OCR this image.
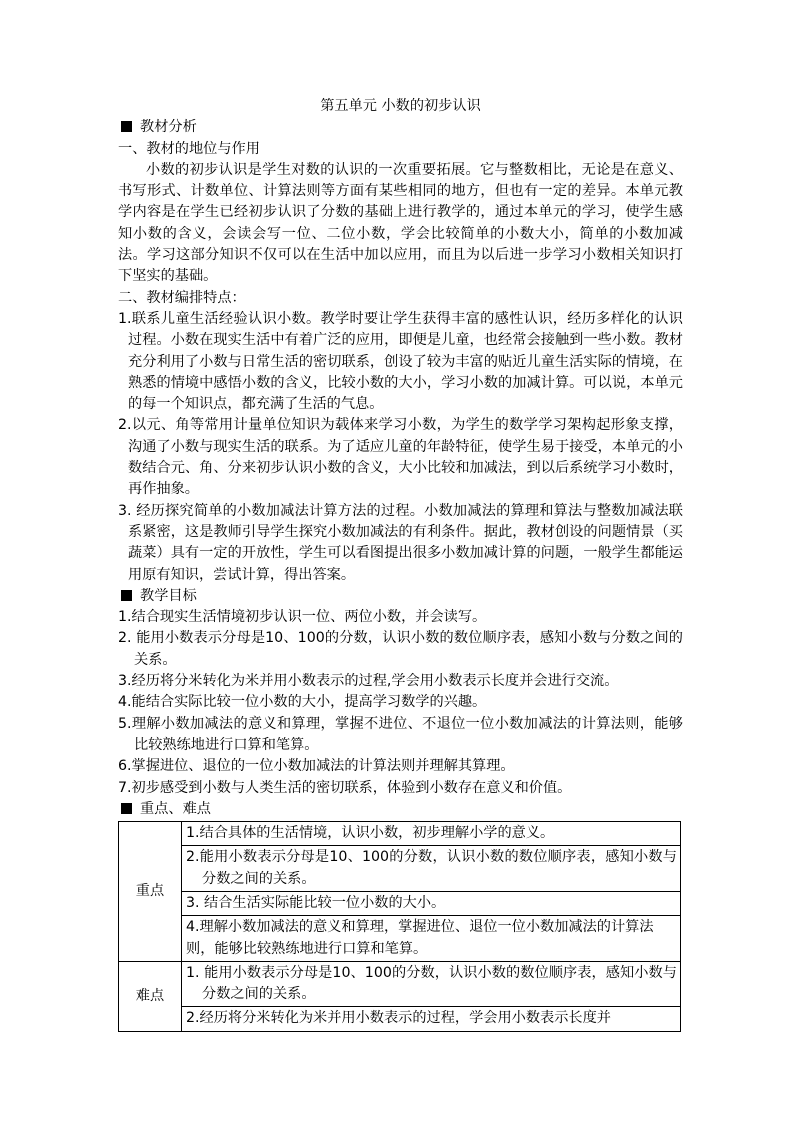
第五单元 小数的初步认识

教材分析

一、教材的地位与作用

小数的初步认识是学生对数的认识的一次重要拓展。它与整数相比，无论是在意义、书写形式、计数单位、计算法则等方面有某些相同的地方，但也有一定的差异。本单元教学内容是在学生已经初步认识了分数的基础上进行教学的，通过本单元的学习，使学生感知小数的含义，会读会写一位、二位小数，学会比较简单的小数大小，简单的小数加减法。学习这部分知识不仅可以在生活中加以应用，而且为以后进一步学习小数相关知识打下坚实的基础。

二、教材编排特点：

1.联系儿童生活经验认识小数。教学时要让学生获得丰富的感性认识，经历多样化的认识过程。小数在现实生活中有着广泛的应用，即便是儿童，也经常会接触到一些小数。教材充分利用了小数与日常生活的密切联系，创设了较为丰富的贴近儿童生活实际的情境，在熟悉的情境中感悟小数的含义，比较小数的大小，学习小数的加减计算。可以说，本单元的每一个知识点，都充满了生活的气息。

2.以元、角等常用计量单位知识为载体来学习小数，为学生的数学学习架构起形象支撑，沟通了小数与现实生活的联系。为了适应儿童的年龄特征，使学生易于接受，本单元的小数结合元、角、分来初步认识小数的含义，大小比较和加减法，到以后系统学习小数时，再作抽象。

3. 经历探究简单的小数加减法计算方法的过程。小数加减法的算理和算法与整数加减法联系紧密，这是教师引导学生探究小数加减法的有利条件。据此，教材创设的问题情景（买蔬菜）具有一定的开放性，学生可以看图提出很多小数加减计算的问题，一般学生都能运用原有知识，尝试计算，得出答案。

教学目标

1.结合现实生活情境初步认识一位、两位小数，并会读写。

2. 能用小数表示分母是10、100的分数，认识小数的数位顺序表，感知小数与分数之间的关系。

3.经历将分米转化为米并用小数表示的过程,学会用小数表示长度并会进行交流。

4.能结合实际比较一位小数的大小，提高学习数学的兴趣。

5.理解小数加减法的意义和算理，掌握不进位、不退位一位小数加减法的计算法则，能够比较熟练地进行口算和笔算。

6.掌握进位、退位的一位小数加减法的计算法则并理解其算理。

7.初步感受到小数与人类生活的密切联系，体验到小数存在意义和价值。

重点、难点

重点	1.结合具体的生活情境，认识小数，初步理解小学的意义。

	2.能用小数表示分母是10、100的分数，认识小数的数位顺序表，感知小数与分数之间的关系。

	3. 结合生活实际能比较一位小数的大小。

	4.理解小数加减法的意义和算理，掌握进位、退位一位小数加减法的计算法则，能够比较熟练地进行口算和笔算。

难点	1. 能用小数表示分母是10、100的分数，认识小数的数位顺序表，感知小数与分数之间的关系。

	2.经历将分米转化为米并用小数表示的过程，学会用小数表示长度并
